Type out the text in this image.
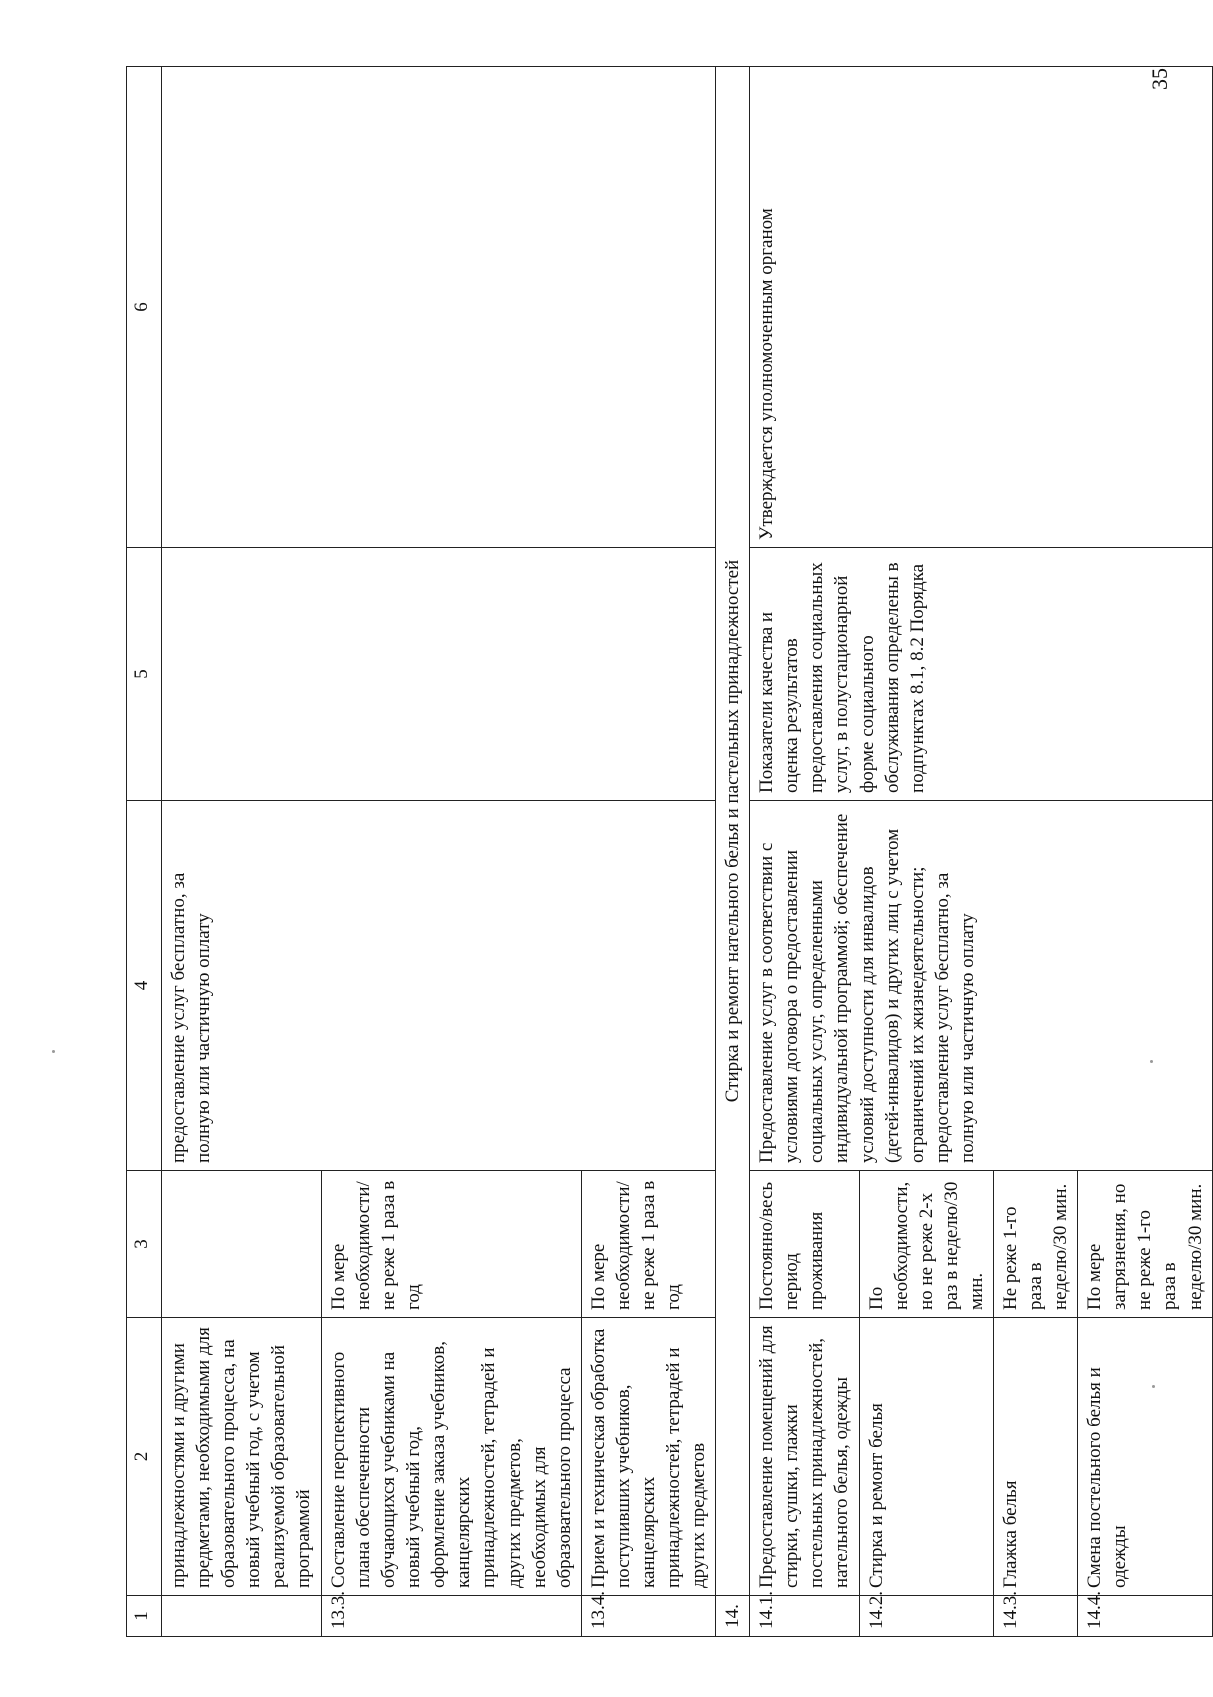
35
1	2	3	4	5	6
	принадлежностями и другими предметами, необходимыми для образовательного процесса, на новый учебный год, с учетом реализуемой образовательной программой		предоставление услуг бесплатно, за полную или частичную оплату		
13.3.	Составление перспективного плана обеспеченности обучающихся учебниками на новый учебный год, оформление заказа учебников, канцелярских принадлежностей, тетрадей и других предметов, необходимых для образовательного процесса	По мере необходимости/ не реже 1 раза в год			
13.4.	Прием и техническая обработка поступивших учебников, канцелярских принадлежностей, тетрадей и других предметов	По мере необходимости/ не реже 1 раза в год			
14.	Стирка и ремонт нательного белья и пастельных принадлежностей				
14.1.	Предоставление помещений для стирки, сушки, глажки постельных принадлежностей, нательного белья, одежды	Постоянно/весь период проживания	Предоставление услуг в соответствии с условиями договора о предоставлении социальных услуг, определенными индивидуальной программой; обеспечение условий доступности для инвалидов (детей-инвалидов) и других лиц с учетом ограничений их жизнедеятельности; предоставление услуг бесплатно, за полную или частичную оплату	Показатели качества и оценка результатов предоставления социальных услуг, в полустационарной форме социального обслуживания определены в подпунктах 8.1, 8.2 Порядка	Утверждается уполномоченным органом
14.2.	Стирка и ремонт белья	По необходимости, но не реже 2-х раз в неделю/30 мин.			
14.3.	Глажка белья	Не реже 1-го раза в неделю/30 мин.			
14.4.	Смена постельного белья и одежды	По мере загрязнения, но не реже 1-го раза в неделю/30 мин.			
